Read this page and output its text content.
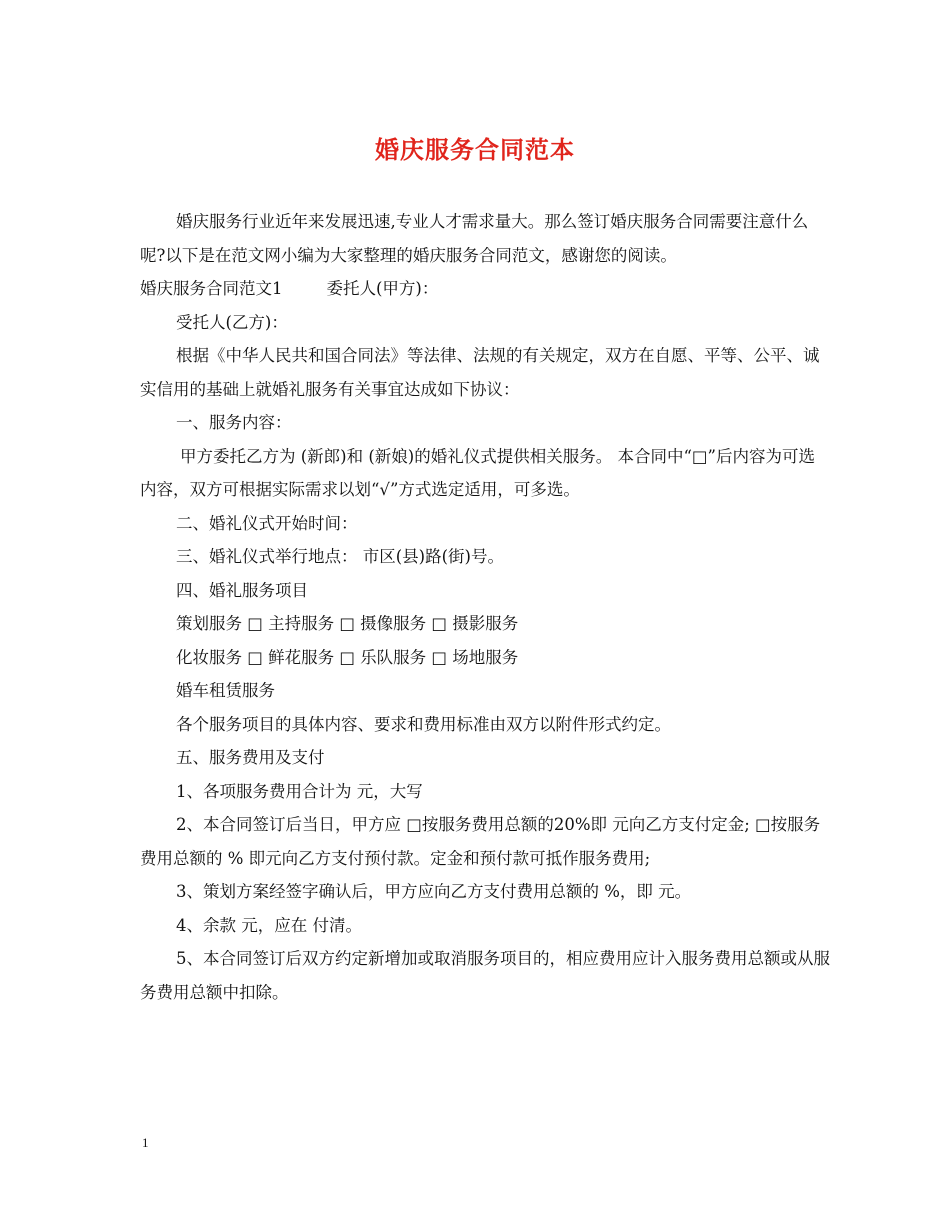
婚庆服务合同范本

婚庆服务行业近年来发展迅速,专业人才需求量大。那么签订婚庆服务合同需要注意什么呢?以下是在范文网小编为大家整理的婚庆服务合同范文，感谢您的阅读。

婚庆服务合同范文1	委托人(甲方)：

受托人(乙方)：

根据《中华人民共和国合同法》等法律、法规的有关规定，双方在自愿、平等、公平、诚实信用的基础上就婚礼服务有关事宜达成如下协议：

一、服务内容：

甲方委托乙方为 (新郎)和 (新娘)的婚礼仪式提供相关服务。 本合同中“□”后内容为可选内容，双方可根据实际需求以划“√”方式选定适用，可多选。

二、婚礼仪式开始时间：

三、婚礼仪式举行地点： 市区(县)路(街)号。

四、婚礼服务项目

策划服务 □ 主持服务 □ 摄像服务 □ 摄影服务

化妆服务 □ 鲜花服务 □ 乐队服务 □ 场地服务

婚车租赁服务

各个服务项目的具体内容、要求和费用标准由双方以附件形式约定。

五、服务费用及支付

1、各项服务费用合计为 元，大写

2、本合同签订后当日，甲方应 □按服务费用总额的20%即 元向乙方支付定金; □按服务费用总额的 % 即元向乙方支付预付款。定金和预付款可抵作服务费用;

3、策划方案经签字确认后，甲方应向乙方支付费用总额的 %，即 元。

4、余款 元，应在 付清。

5、本合同签订后双方约定新增加或取消服务项目的，相应费用应计入服务费用总额或从服务费用总额中扣除。

1
